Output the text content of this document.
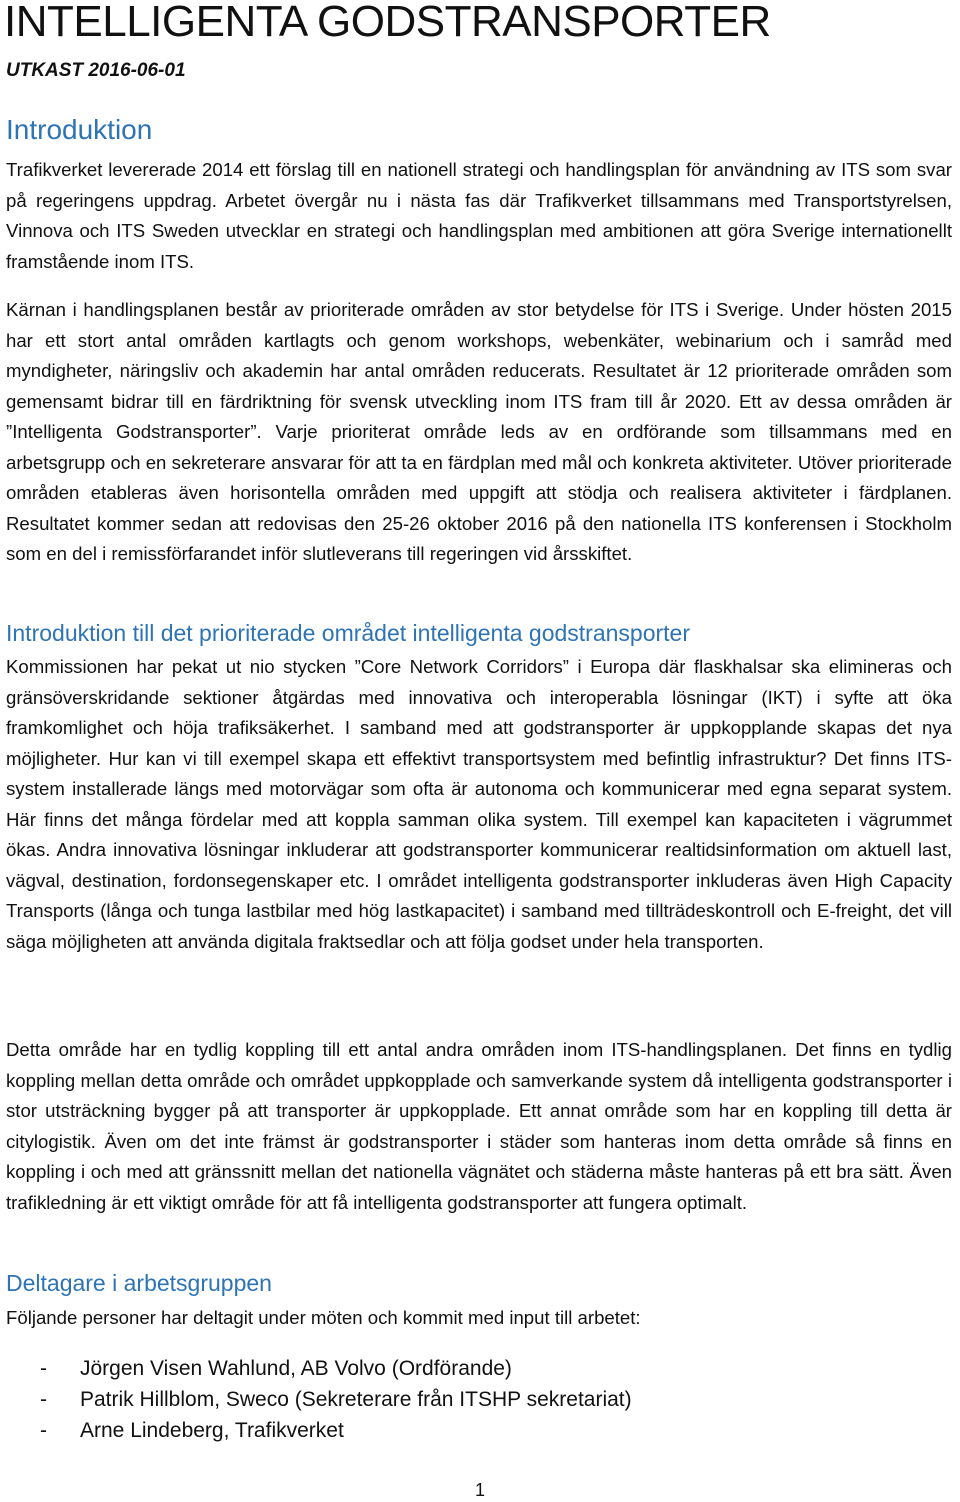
INTELLIGENTA GODSTRANSPORTER

UTKAST 2016-06-01

Introduktion

Trafikverket levererade 2014 ett förslag till en nationell strategi och handlingsplan för användning av ITS som svar på regeringens uppdrag. Arbetet övergår nu i nästa fas där Trafikverket tillsammans med Transportstyrelsen, Vinnova och ITS Sweden utvecklar en strategi och handlingsplan med ambitionen att göra Sverige internationellt framstående inom ITS.

Kärnan i handlingsplanen består av prioriterade områden av stor betydelse för ITS i Sverige. Under hösten 2015 har ett stort antal områden kartlagts och genom workshops, webenkäter, webinarium och i samråd med myndigheter, näringsliv och akademin har antal områden reducerats. Resultatet är 12 prioriterade områden som gemensamt bidrar till en färdriktning för svensk utveckling inom ITS fram till år 2020. Ett av dessa områden är ”Intelligenta Godstransporter”. Varje prioriterat område leds av en ordförande som tillsammans med en arbetsgrupp och en sekreterare ansvarar för att ta en färdplan med mål och konkreta aktiviteter. Utöver prioriterade områden etableras även horisontella områden med uppgift att stödja och realisera aktiviteter i färdplanen. Resultatet kommer sedan att redovisas den 25-26 oktober 2016 på den nationella ITS konferensen i Stockholm som en del i remissförfarandet inför slutleverans till regeringen vid årsskiftet.

Introduktion till det prioriterade området intelligenta godstransporter

Kommissionen har pekat ut nio stycken ”Core Network Corridors” i Europa där flaskhalsar ska elimineras och gränsöverskridande sektioner åtgärdas med innovativa och interoperabla lösningar (IKT) i syfte att öka framkomlighet och höja trafiksäkerhet. I samband med att godstransporter är uppkopplande skapas det nya möjligheter. Hur kan vi till exempel skapa ett effektivt transportsystem med befintlig infrastruktur? Det finns ITS-system installerade längs med motorvägar som ofta är autonoma och kommunicerar med egna separat system. Här finns det många fördelar med att koppla samman olika system. Till exempel kan kapaciteten i vägrummet ökas. Andra innovativa lösningar inkluderar att godstransporter kommunicerar realtidsinformation om aktuell last, vägval, destination, fordonsegenskaper etc. I området intelligenta godstransporter inkluderas även High Capacity Transports (långa och tunga lastbilar med hög lastkapacitet) i samband med tillträdeskontroll och E-freight, det vill säga möjligheten att använda digitala fraktsedlar och att följa godset under hela transporten.

Detta område har en tydlig koppling till ett antal andra områden inom ITS-handlingsplanen. Det finns en tydlig koppling mellan detta område och området uppkopplade och samverkande system då intelligenta godstransporter i stor utsträckning bygger på att transporter är uppkopplade. Ett annat område som har en koppling till detta är citylogistik. Även om det inte främst är godstransporter i städer som hanteras inom detta område så finns en koppling i och med att gränssnitt mellan det nationella vägnätet och städerna måste hanteras på ett bra sätt. Även trafikledning är ett viktigt område för att få intelligenta godstransporter att fungera optimalt.

Deltagare i arbetsgruppen

Följande personer har deltagit under möten och kommit med input till arbetet:

-	Jörgen Visen Wahlund, AB Volvo (Ordförande)
-	Patrik Hillblom, Sweco (Sekreterare från ITSHP sekretariat)
-	Arne Lindeberg, Trafikverket
1
